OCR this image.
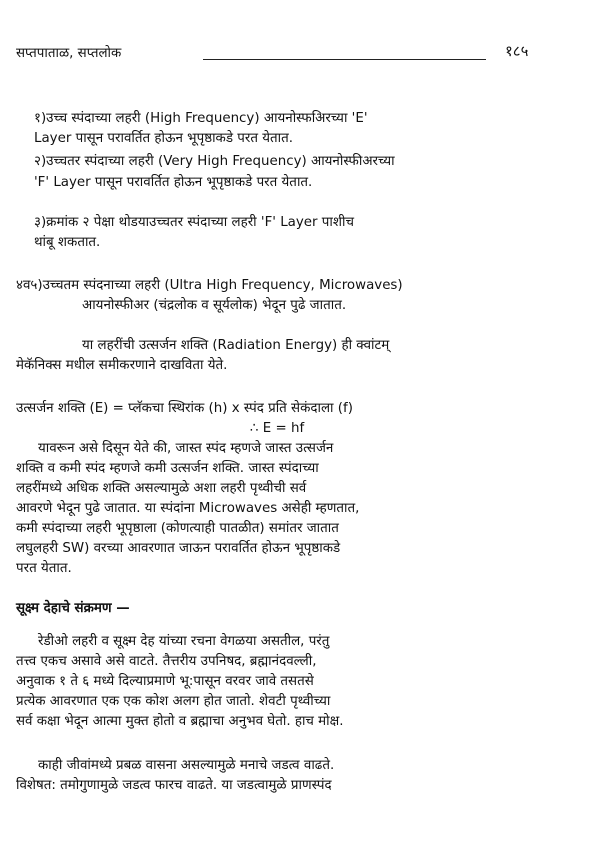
सप्तपाताळ, सप्तलोक	१८५
१)उच्च स्पंदाच्या लहरी (High Frequency) आयनोस्फअिरच्या 'E'
Layer पासून परावर्तित होऊन भूपृष्ठाकडे परत येतात.
२)उच्चतर स्पंदाच्या लहरी (Very High Frequency) आयनोस्फीअरच्या
'F' Layer पासून परावर्तित होऊन भूपृष्ठाकडे परत येतात.
३)क्रमांक २ पेक्षा थोडयाउच्चतर स्पंदाच्या लहरी 'F' Layer पाशीच
थांबू शकतात.
४व५)उच्चतम स्पंदनाच्या लहरी (Ultra High Frequency, Microwaves)
आयनोस्फीअर (चंद्रलोक व सूर्यलोक) भेदून पुढे जातात.
या लहरींची उत्सर्जन शक्ति (Radiation Energy) ही क्वांटम्
मेकॅनिक्स मधील समीकरणाने दाखविता येते.
उत्सर्जन शक्ति (E) = प्लॅकचा स्थिरांक (h) x स्पंद प्रति सेकंदाला (f)
∴ E = hf
यावरून असे दिसून येते की, जास्त स्पंद म्हणजे जास्त उत्सर्जन
शक्ति व कमी स्पंद म्हणजे कमी उत्सर्जन शक्ति. जास्त स्पंदाच्या
लहरींमध्ये अधिक शक्ति असल्यामुळे अशा लहरी पृथ्वीची सर्व
आवरणे भेदून पुढे जातात. या स्पंदांना Microwaves असेही म्हणतात,
कमी स्पंदाच्या लहरी भूपृष्ठाला (कोणत्याही पातळीत) समांतर जातात
लघुलहरी SW) वरच्या आवरणात जाऊन परावर्तित होऊन भूपृष्ठाकडे
परत येतात.
सूक्ष्म देहाचे संक्रमण —
रेडीओ लहरी व सूक्ष्म देह यांच्या रचना वेगळया असतील, परंतु
तत्त्व एकच असावे असे वाटते. तैत्तरीय उपनिषद, ब्रह्मानंदवल्ली,
अनुवाक १ ते ६ मध्ये दिल्याप्रमाणे भू:पासून वरवर जावे तसतसे
प्रत्येक आवरणात एक एक कोश अलग होत जातो. शेवटी पृथ्वीच्या
सर्व कक्षा भेदून आत्मा मुक्त होतो व ब्रह्माचा अनुभव घेतो. हाच मोक्ष.
काही जीवांमध्ये प्रबळ वासना असल्यामुळे मनाचे जडत्व वाढते.
विशेषत: तमोगुणामुळे जडत्व फारच वाढते. या जडत्वामुळे प्राणस्पंद
